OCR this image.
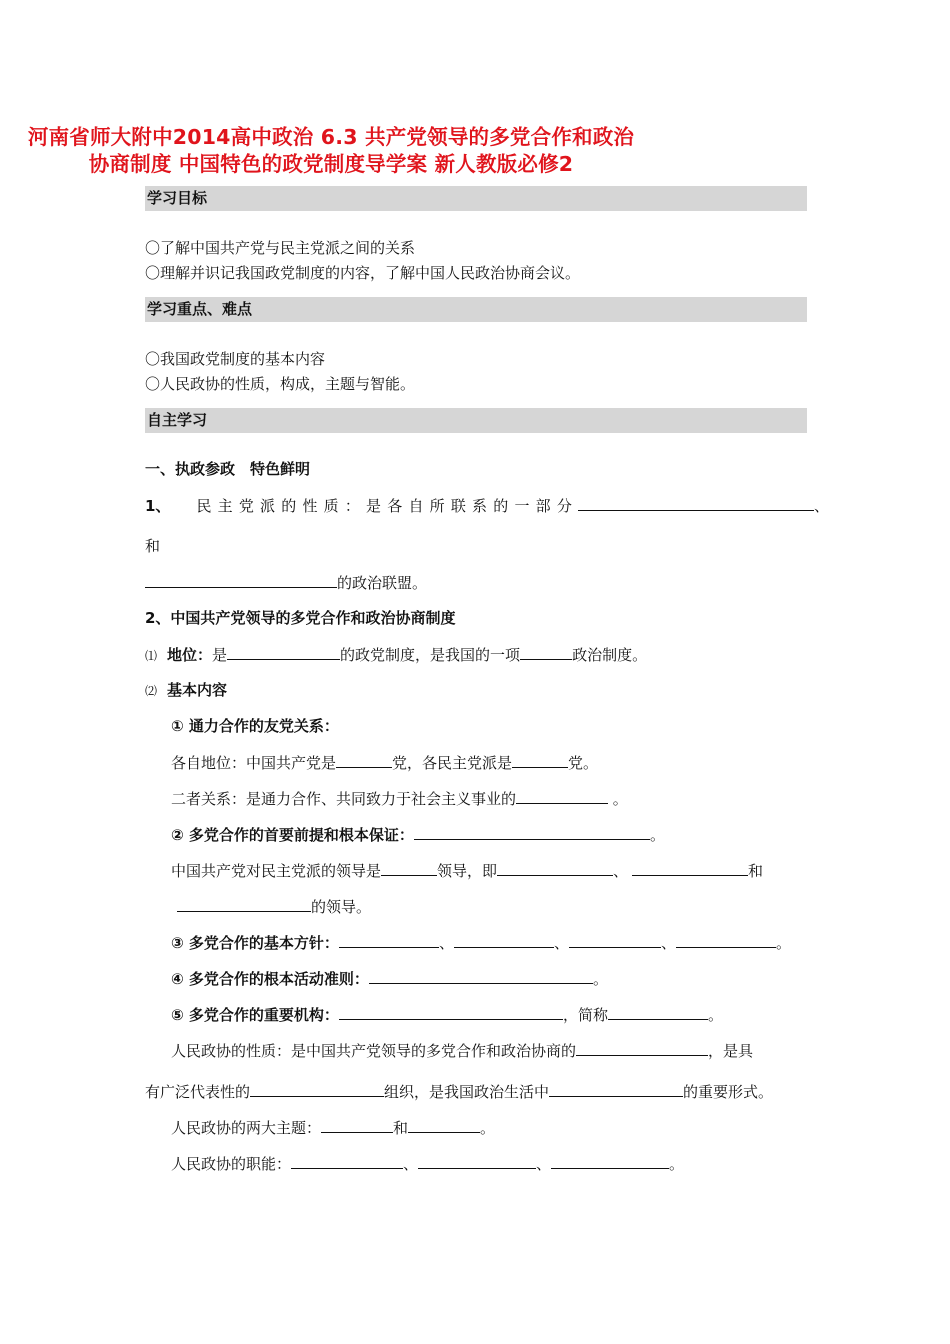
河南省师大附中2014高中政治 6.3 共产党领导的多党合作和政治
协商制度 中国特色的政党制度导学案 新人教版必修2
学习目标
〇了解中国共产党与民主党派之间的关系
〇理解并识记我国政党制度的内容，了解中国人民政治协商会议。
学习重点、难点
〇我国政党制度的基本内容
〇人民政协的性质，构成，主题与智能。
自主学习
一、执政参政　特色鲜明
1、 民主党派的性质：是各自所联系的一部分	、
和
的政治联盟。
2、中国共产党领导的多党合作和政治协商制度
⑴ 地位：是	的政党制度，是我国的一项	政治制度。
⑵ 基本内容
① 通力合作的友党关系：
各自地位：中国共产党是	党，各民主党派是	党。
二者关系：是通力合作、共同致力于社会主义事业的	。
② 多党合作的首要前提和根本保证：	。
中国共产党对民主党派的领导是	领导，即	、	和
的领导。
③ 多党合作的基本方针：	、	、	、	。
④ 多党合作的根本活动准则：	。
⑤ 多党合作的重要机构：	，简称	。
人民政协的性质：是中国共产党领导的多党合作和政治协商的	，是具
有广泛代表性的	组织，是我国政治生活中	的重要形式。
人民政协的两大主题：	和	。
人民政协的职能：	、	、	。
